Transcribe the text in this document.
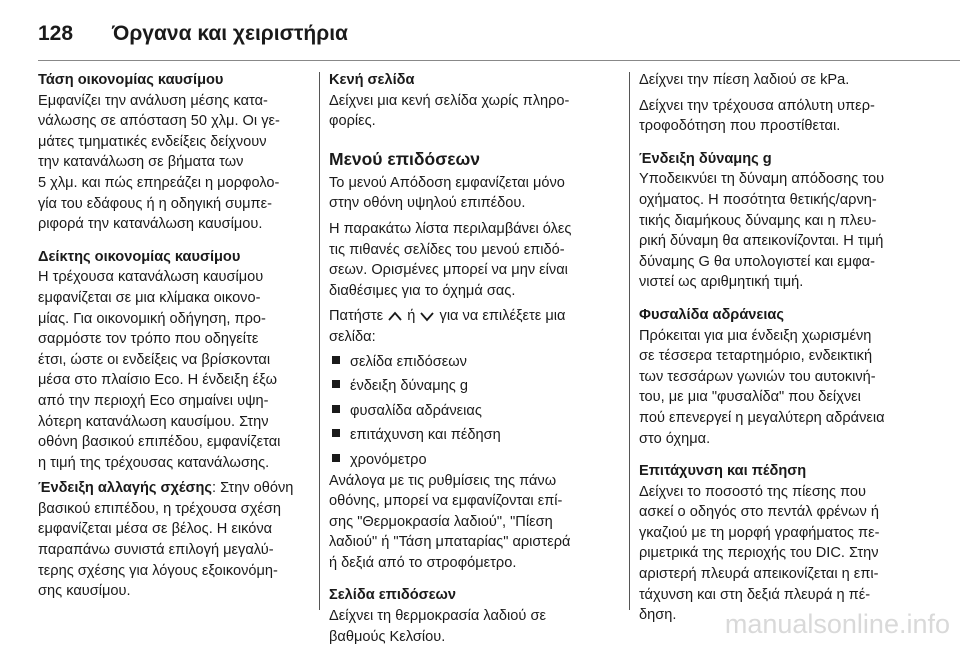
128	Όργανα και χειριστήρια
Τάση οικονομίας καυσίμου
Εμφανίζει την ανάλυση μέσης κατα-
νάλωσης σε απόσταση 50 χλμ. Οι γε-
μάτες τμηματικές ενδείξεις δείχνουν
την κατανάλωση σε βήματα των
5 χλμ. και πώς επηρεάζει η μορφολο-
γία του εδάφους ή η οδηγική συμπε-
ριφορά την κατανάλωση καυσίμου.
Δείκτης οικονομίας καυσίμου
Η τρέχουσα κατανάλωση καυσίμου
εμφανίζεται σε μια κλίμακα οικονο-
μίας. Για οικονομική οδήγηση, προ-
σαρμόστε τον τρόπο που οδηγείτε
έτσι, ώστε οι ενδείξεις να βρίσκονται
μέσα στο πλαίσιο Eco. Η ένδειξη έξω
από την περιοχή Eco σημαίνει υψη-
λότερη κατανάλωση καυσίμου. Στην
οθόνη βασικού επιπέδου, εμφανίζεται
η τιμή της τρέχουσας κατανάλωσης.
Ένδειξη αλλαγής σχέσης: Στην οθόνη
βασικού επιπέδου, η τρέχουσα σχέση
εμφανίζεται μέσα σε βέλος. Η εικόνα
παραπάνω συνιστά επιλογή μεγαλύ-
τερης σχέσης για λόγους εξοικονόμη-
σης καυσίμου.
Κενή σελίδα
Δείχνει μια κενή σελίδα χωρίς πληρο-
φορίες.
Μενού επιδόσεων
Το μενού Απόδοση εμφανίζεται μόνο
στην οθόνη υψηλού επιπέδου.
Η παρακάτω λίστα περιλαμβάνει όλες
τις πιθανές σελίδες του μενού επιδό-
σεων. Ορισμένες μπορεί να μην είναι
διαθέσιμες για το όχημά σας.
Πατήστε ή για να επιλέξετε μια
σελίδα:
σελίδα επιδόσεων
ένδειξη δύναμης g
φυσαλίδα αδράνειας
επιτάχυνση και πέδηση
χρονόμετρο
Ανάλογα με τις ρυθμίσεις της πάνω
οθόνης, μπορεί να εμφανίζονται επί-
σης "Θερμοκρασία λαδιού", "Πίεση
λαδιού" ή "Τάση μπαταρίας" αριστερά
ή δεξιά από το στροφόμετρο.
Σελίδα επιδόσεων
Δείχνει τη θερμοκρασία λαδιού σε
βαθμούς Κελσίου.
Δείχνει την πίεση λαδιού σε kPa.
Δείχνει την τρέχουσα απόλυτη υπερ-
τροφοδότηση που προστίθεται.
Ένδειξη δύναμης g
Υποδεικνύει τη δύναμη απόδοσης του
οχήματος. Η ποσότητα θετικής/αρνη-
τικής διαμήκους δύναμης και η πλευ-
ρική δύναμη θα απεικονίζονται. Η τιμή
δύναμης G θα υπολογιστεί και εμφα-
νιστεί ως αριθμητική τιμή.
Φυσαλίδα αδράνειας
Πρόκειται για μια ένδειξη χωρισμένη
σε τέσσερα τεταρτημόριο, ενδεικτική
των τεσσάρων γωνιών του αυτοκινή-
του, με μια "φυσαλίδα" που δείχνει
πού επενεργεί η μεγαλύτερη αδράνεια
στο όχημα.
Επιτάχυνση και πέδηση
Δείχνει το ποσοστό της πίεσης που
ασκεί ο οδηγός στο πεντάλ φρένων ή
γκαζιού με τη μορφή γραφήματος πε-
ριμετρικά της περιοχής του DIC. Στην
αριστερή πλευρά απεικονίζεται η επι-
τάχυνση και στη δεξιά πλευρά η πέ-
δηση.	manualsonline.info
